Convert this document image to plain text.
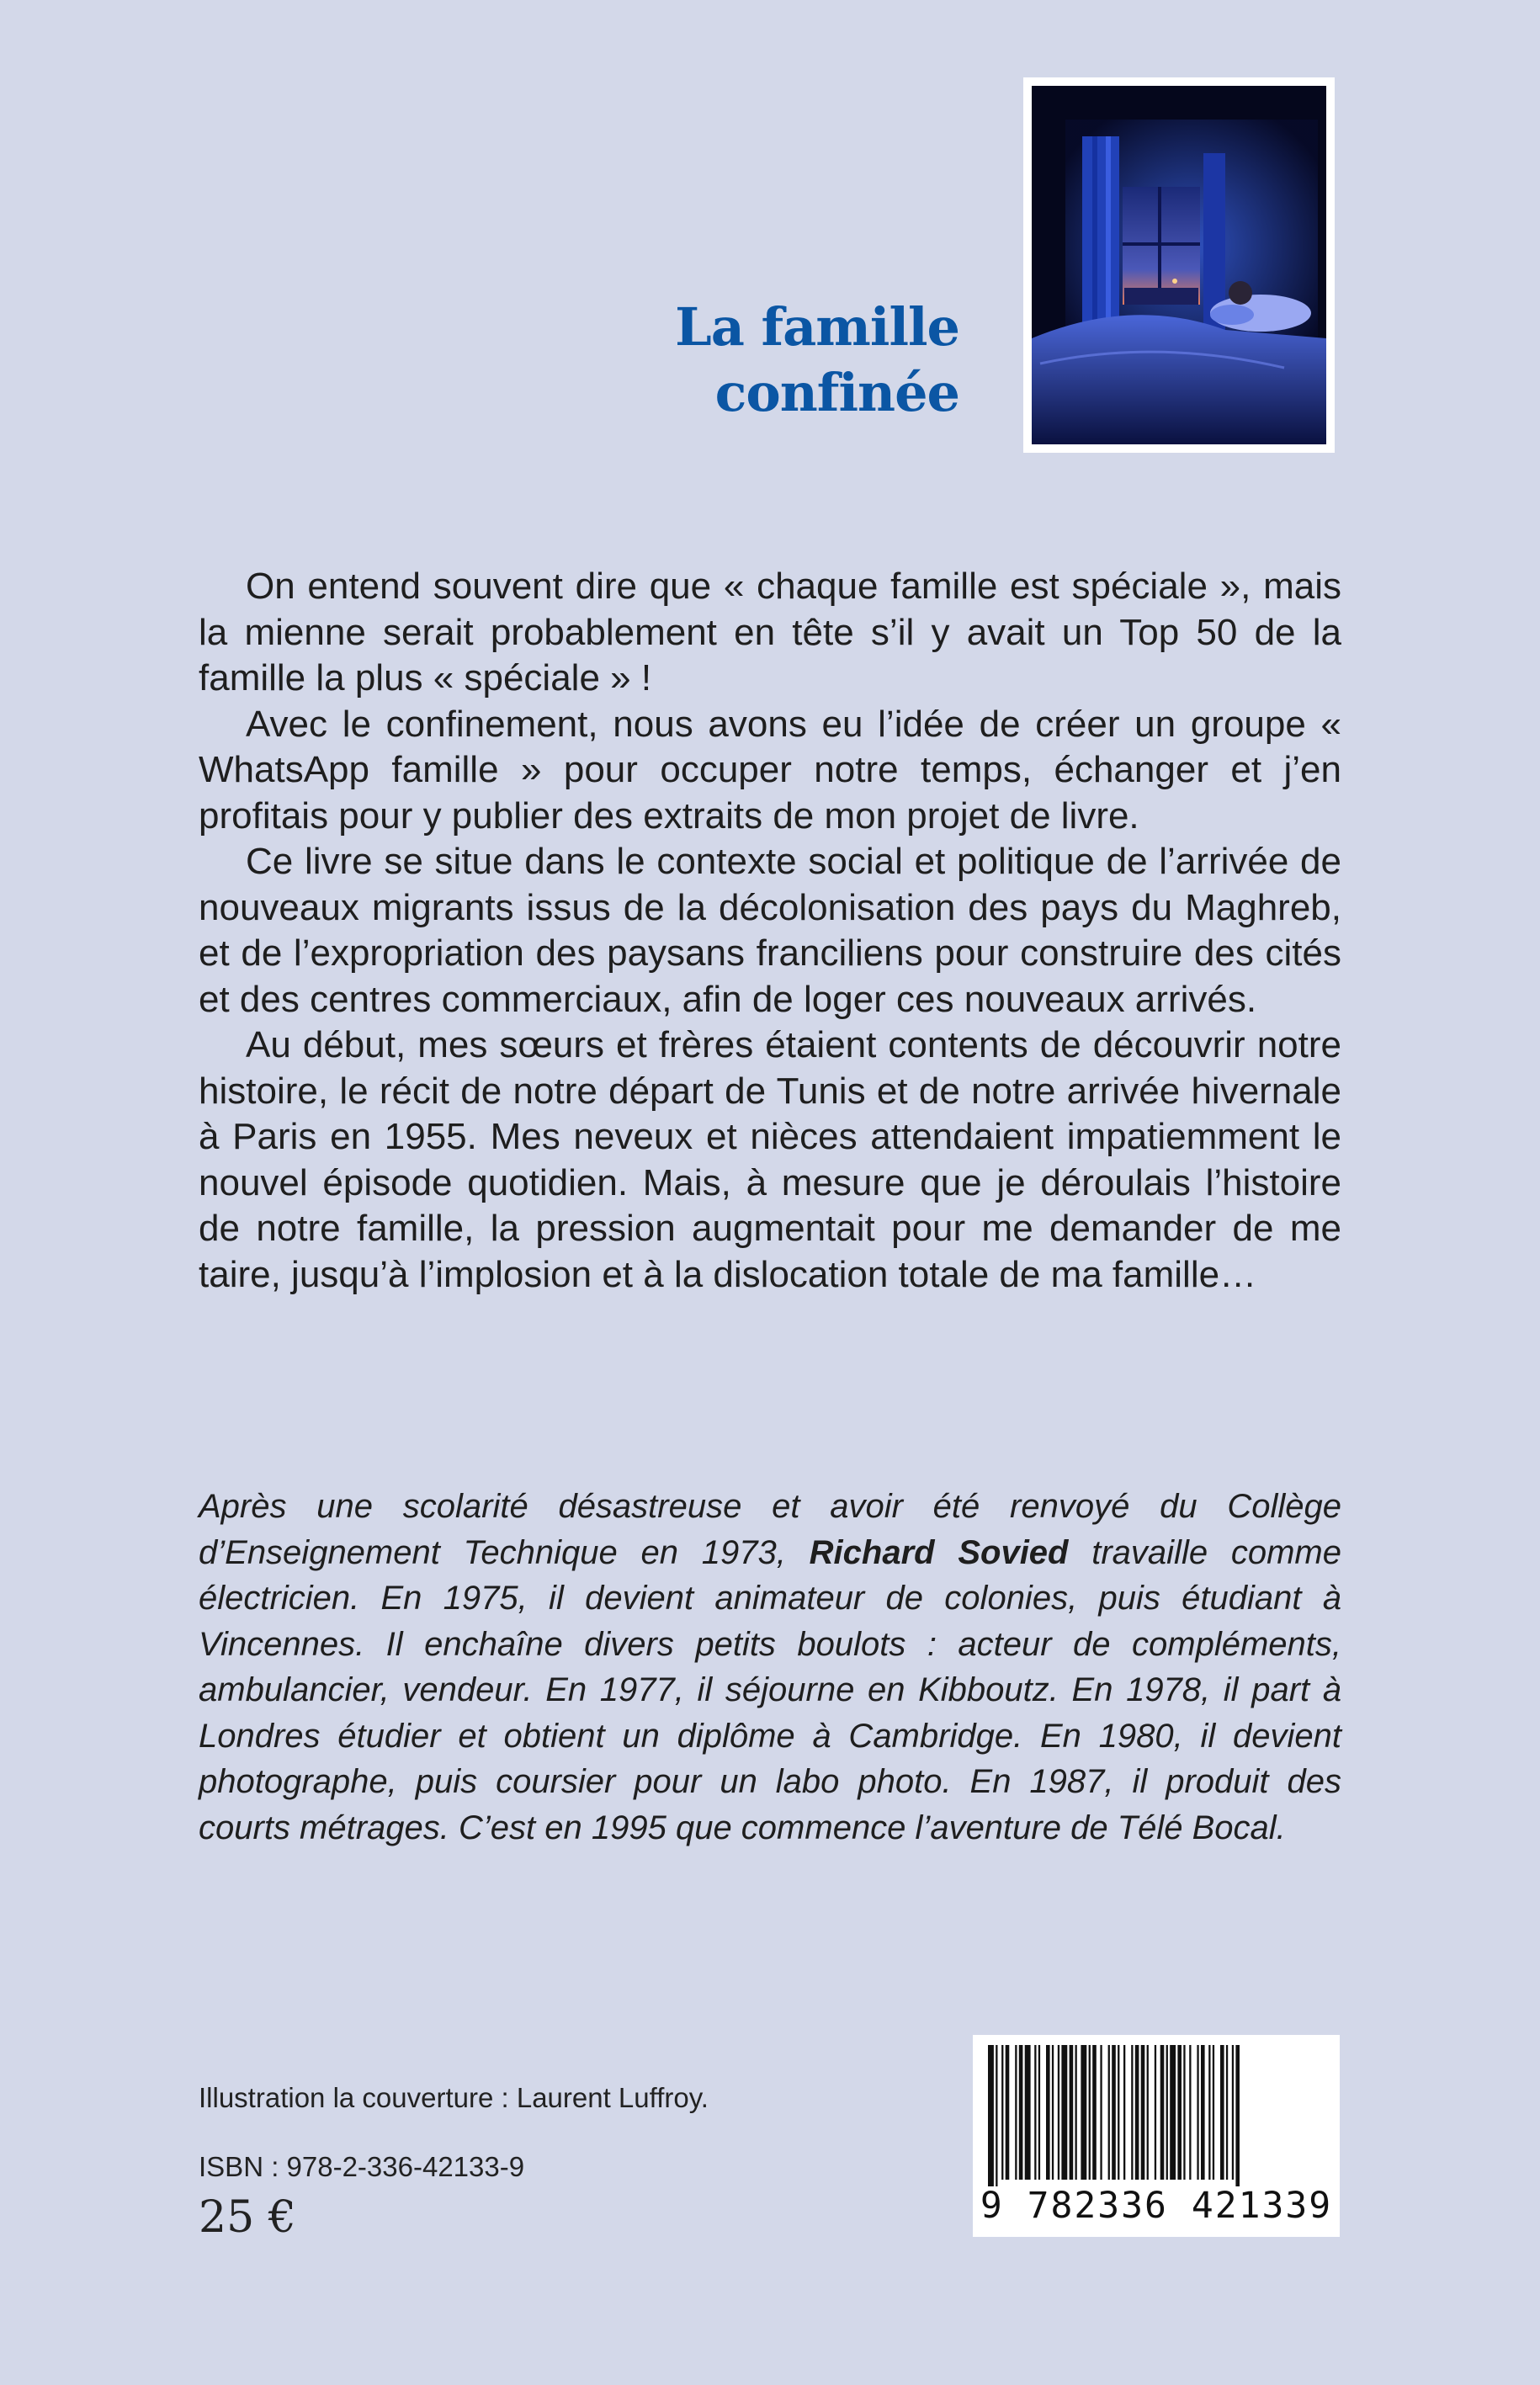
La famille
confinée

On entend souvent dire que « chaque famille est spéciale », mais la mienne serait probablement en tête s’il y avait un Top 50 de la famille la plus « spéciale » !

Avec le confinement, nous avons eu l’idée de créer un groupe « WhatsApp famille » pour occuper notre temps, échanger et j’en profitais pour y publier des extraits de mon projet de livre.

Ce livre se situe dans le contexte social et politique de l’arrivée de nouveaux migrants issus de la décolonisation des pays du Maghreb, et de l’expropriation des paysans franciliens pour construire des cités et des centres commerciaux, afin de loger ces nouveaux arrivés.

Au début, mes sœurs et frères étaient contents de découvrir notre histoire, le récit de notre départ de Tunis et de notre arrivée hivernale à Paris en 1955. Mes neveux et nièces attendaient impatiemment le nouvel épisode quotidien. Mais, à mesure que je déroulais l’histoire de notre famille, la pression augmentait pour me demander de me taire, jusqu’à l’implosion et à la dislocation totale de ma famille…

Après une scolarité désastreuse et avoir été renvoyé du Collège d’Enseignement Technique en 1973, Richard Sovied travaille comme électricien. En 1975, il devient animateur de colonies, puis étudiant à Vincennes. Il enchaîne divers petits boulots : acteur de compléments, ambulancier, vendeur. En 1977, il séjourne en Kibboutz. En 1978, il part à Londres étudier et obtient un diplôme à Cambridge. En 1980, il devient photographe, puis coursier pour un labo photo. En 1987, il produit des courts métrages. C’est en 1995 que commence l’aventure de Télé Bocal.
Illustration la couverture : Laurent Luffroy.
ISBN : 978-2-336-42133-9
25 €	9 782336 421339
